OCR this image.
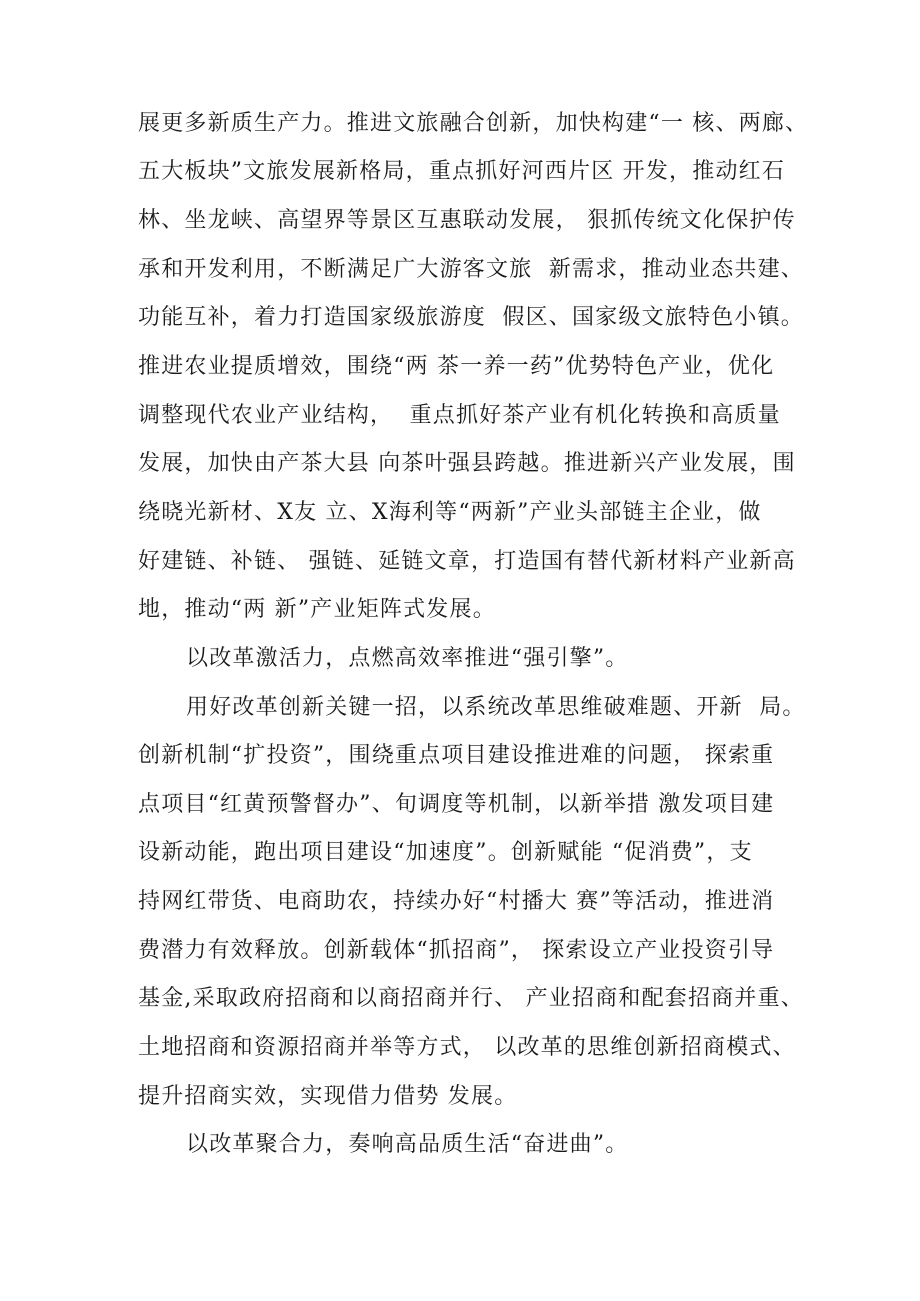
展更多新质生产力。推进文旅融合创新，加快构建“一 核、两廊、
五大板块”文旅发展新格局，重点抓好河西片区 开发，推动红石
林、坐龙峡、高望界等景区互惠联动发展， 狠抓传统文化保护传
承和开发利用，不断满足广大游客文旅  新需求，推动业态共建、
功能互补，着力打造国家级旅游度  假区、国家级文旅特色小镇。
推进农业提质增效，围绕“两 茶一养一药”优势特色产业，优化
调整现代农业产业结构，  重点抓好茶产业有机化转换和高质量
发展，加快由产茶大县 向茶叶强县跨越。推进新兴产业发展，围
绕晓光新材、X友 立、X海利等“两新”产业头部链主企业，做
好建链、补链、 强链、延链文章，打造国有替代新材料产业新高
地，推动“两 新”产业矩阵式发展。
以改革激活力，点燃高效率推进“强引擎”。
用好改革创新关键一招，以系统改革思维破难题、开新  局。
创新机制“扩投资”，围绕重点项目建设推进难的问题， 探索重
点项目“红黄预警督办”、旬调度等机制，以新举措 激发项目建
设新动能，跑出项目建设“加速度”。创新赋能 “促消费”，支
持网红带货、电商助农，持续办好“村播大 赛”等活动，推进消
费潜力有效释放。创新载体“抓招商”， 探索设立产业投资引导
基金,采取政府招商和以商招商并行、 产业招商和配套招商并重、
土地招商和资源招商并举等方式， 以改革的思维创新招商模式、
提升招商实效，实现借力借势 发展。
以改革聚合力，奏响高品质生活“奋进曲”。
